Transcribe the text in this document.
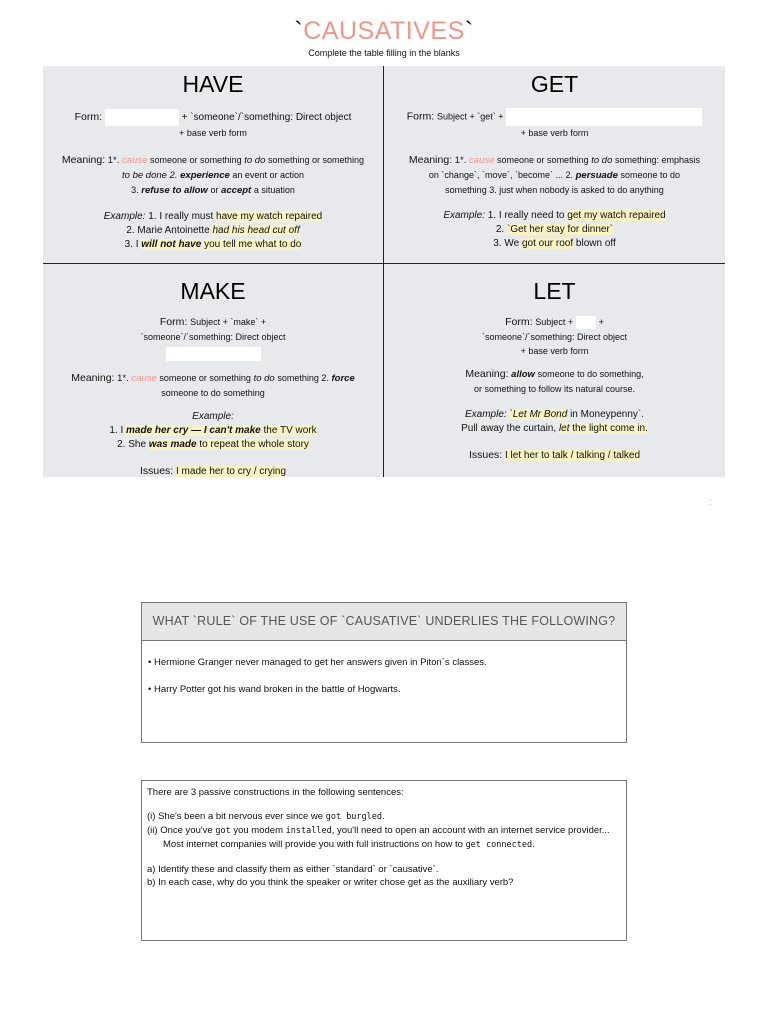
`CAUSATIVES`
Complete the table filling in the blanks
HAVE
Form:	+ `someone`/`something: Direct object
+ base verb form
Meaning: 1*. cause someone or something to do something or something
to be done 2. experience an event or action
3. refuse to allow or accept a situation
Example: 1. I really must have my watch repaired
2. Marie Antoinette had his head cut off
3. I will not have you tell me what to do
GET
Form: Subject + `get` +
+ base verb form
Meaning: 1*. cause someone or something to do something: emphasis
on `change`, `move`, `become` ... 2. persuade someone to do
something 3. just when nobody is asked to do anything
Example: 1. I really need to get my watch repaired
2. `Get her stay for dinner`
3. We got our roof blown off
MAKE
Form: Subject + `make` +
`someone`/`something: Direct object
Meaning: 1*. cause someone or something to do something 2. force
someone to do something
Example:
1. I made her cry — I can't make the TV work
2. She was made to repeat the whole story
Issues: I made her to cry / crying
LET
Form: Subject +	+
`someone`/`something: Direct object
+ base verb form
Meaning: allow someone to do something,
or something to follow its natural course.
Example: `Let Mr Bond in Moneypenny`.
Pull away the curtain, let the light come in.
Issues: I let her to talk / talking / talked
:
WHAT `RULE` OF THE USE OF `CAUSATIVE` UNDERLIES THE FOLLOWING?

• Hermione Granger never managed to get her answers given in Piton`s classes.

• Harry Potter got his wand broken in the battle of Hogwarts.

There are 3 passive constructions in the following sentences:

(i) She's been a bit nervous ever since we got burgled.

(ii) Once you've got you modem installed, you'll need to open an account with an internet service provider... Most internet companies will provide you with full instructions on how to get connected.

a) Identify these and classify them as either `standard` or `causative`.

b) In each case, why do you think the speaker or writer chose get as the auxiliary verb?
